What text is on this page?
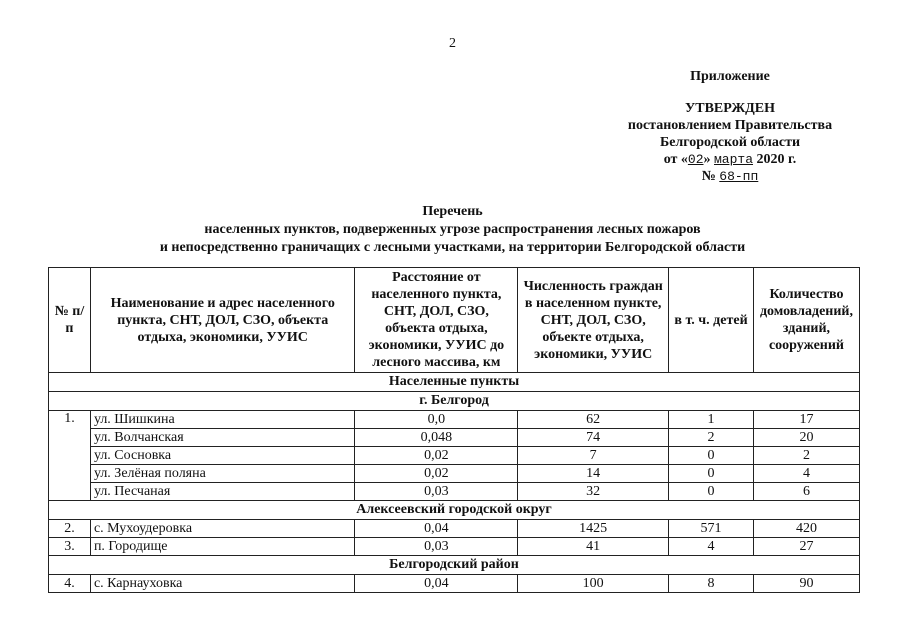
2
Приложение
УТВЕРЖДЕН
постановлением Правительства
Белгородской области
от «02» марта 2020 г.
№ 68-пп
Перечень
населенных пунктов, подверженных угрозе распространения лесных пожаров
и непосредственно граничащих с лесными участками, на территории Белгородской области
№ п/п	Наименование и адрес населенного пункта, СНТ, ДОЛ, СЗО, объекта отдыха, экономики, УУИС	Расстояние от населенного пункта, СНТ, ДОЛ, СЗО, объекта отдыха, экономики, УУИС до лесного массива, км	Численность граждан в населенном пункте, СНТ, ДОЛ, СЗО, объекте отдыха, экономики, УУИС	в т. ч. детей	Количество домовладений, зданий, сооружений
Населенные пункты					
г. Белгород					
1.	ул. Шишкина	0,0	62	1	17
	ул. Волчанская	0,048	74	2	20
	ул. Сосновка	0,02	7	0	2
	ул. Зелёная поляна	0,02	14	0	4
	ул. Песчаная	0,03	32	0	6
Алексеевский городской округ					
2.	с. Мухоудеровка	0,04	1425	571	420
3.	п. Городище	0,03	41	4	27
Белгородский район					
4.	с. Карнауховка	0,04	100	8	90
